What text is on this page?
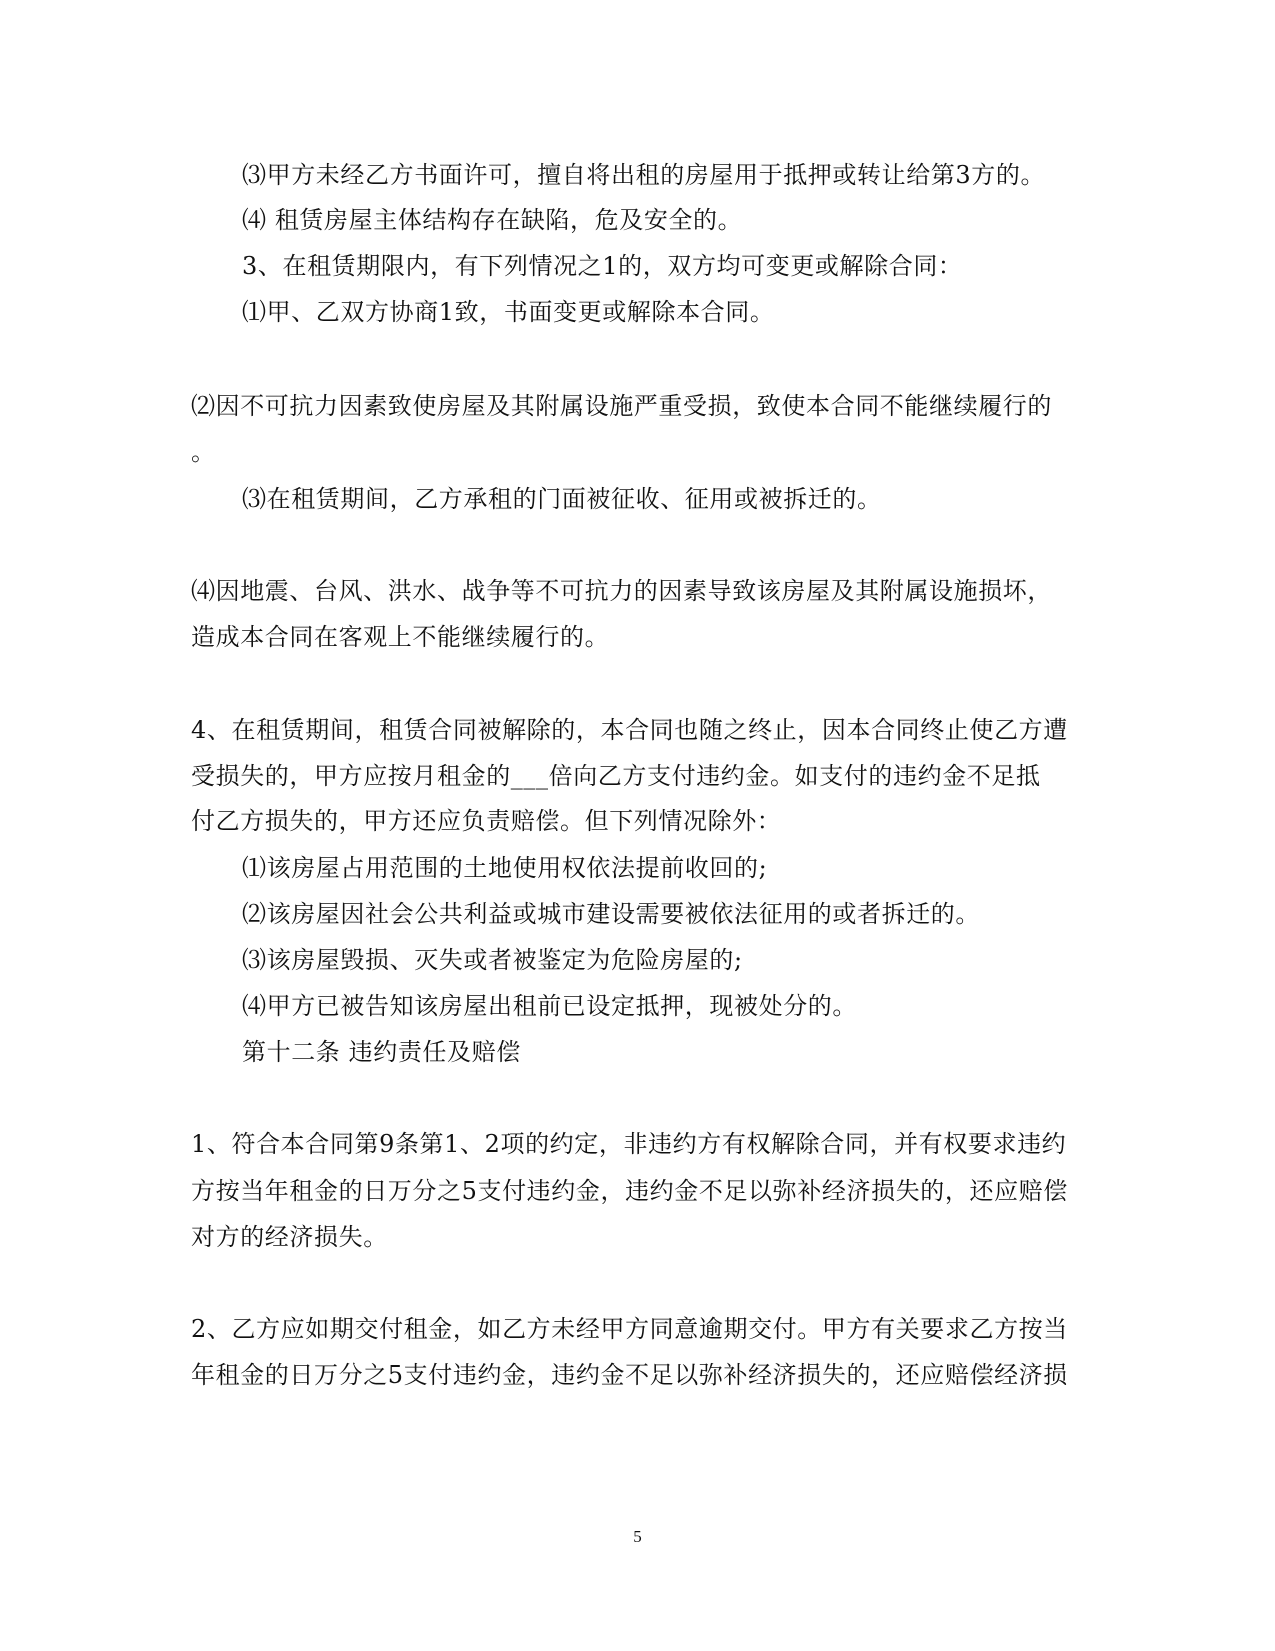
⑶甲方未经乙方书面许可，擅自将出租的房屋用于抵押或转让给第3方的。
⑷ 租赁房屋主体结构存在缺陷，危及安全的。
3、在租赁期限内，有下列情况之1的，双方均可变更或解除合同：
⑴甲、乙双方协商1致，书面变更或解除本合同。
⑵因不可抗力因素致使房屋及其附属设施严重受损，致使本合同不能继续履行的
。
⑶在租赁期间，乙方承租的门面被征收、征用或被拆迁的。
⑷因地震、台风、洪水、战争等不可抗力的因素导致该房屋及其附属设施损坏，
造成本合同在客观上不能继续履行的。
4、在租赁期间，租赁合同被解除的，本合同也随之终止，因本合同终止使乙方遭
受损失的，甲方应按月租金的___倍向乙方支付违约金。如支付的违约金不足抵
付乙方损失的，甲方还应负责赔偿。但下列情况除外：
⑴该房屋占用范围的土地使用权依法提前收回的;
⑵该房屋因社会公共利益或城市建设需要被依法征用的或者拆迁的。
⑶该房屋毁损、灭失或者被鉴定为危险房屋的;
⑷甲方已被告知该房屋出租前已设定抵押，现被处分的。
第十二条 违约责任及赔偿
1、符合本合同第9条第1、2项的约定，非违约方有权解除合同，并有权要求违约
方按当年租金的日万分之5支付违约金，违约金不足以弥补经济损失的，还应赔偿
对方的经济损失。
2、乙方应如期交付租金，如乙方未经甲方同意逾期交付。甲方有关要求乙方按当
年租金的日万分之5支付违约金，违约金不足以弥补经济损失的，还应赔偿经济损
5
